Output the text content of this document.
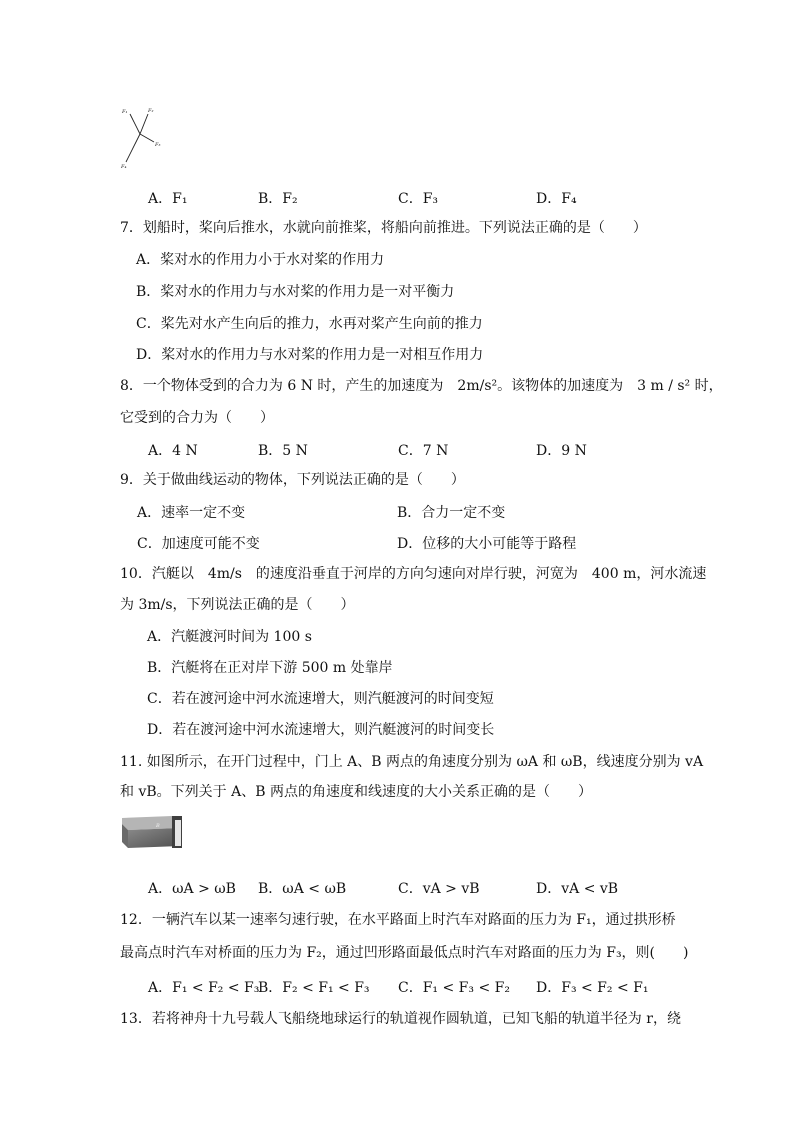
F₁	F₂
F₃
F₄
A．F₁	B．F₂	C．F₃	D．F₄
7．划船时，桨向后推水，水就向前推桨，将船向前推进。下列说法正确的是（　　）
A．桨对水的作用力小于水对桨的作用力
B．桨对水的作用力与水对桨的作用力是一对平衡力
C．桨先对水产生向后的推力，水再对桨产生向前的推力
D．桨对水的作用力与水对桨的作用力是一对相互作用力
8．一个物体受到的合力为 6 N 时，产生的加速度为　2m/s²。该物体的加速度为　3 m / s² 时，
它受到的合力为（　　）
A．4 N	B．5 N	C．7 N	D．9 N
9．关于做曲线运动的物体，下列说法正确的是（　　）
A．速率一定不变	B．合力一定不变
C．加速度可能不变	D．位移的大小可能等于路程
10．汽艇以　4m/s　的速度沿垂直于河岸的方向匀速向对岸行驶，河宽为　400 m，河水流速
为 3m/s，下列说法正确的是（　　）
A．汽艇渡河时间为 100 s
B．汽艇将在正对岸下游 500 m 处靠岸
C．若在渡河途中河水流速增大，则汽艇渡河的时间变短
D．若在渡河途中河水流速增大，则汽艇渡河的时间变长
11. 如图所示，在开门过程中，门上 A、B 两点的角速度分别为 ωA 和 ωB，线速度分别为 vA
和 vB。下列关于 A、B 两点的角速度和线速度的大小关系正确的是（　　）
B
A．ωA > ωB B．ωA < ωB	C．vA > vB	D．vA < vB
12．一辆汽车以某一速率匀速行驶，在水平路面上时汽车对路面的压力为 F₁，通过拱形桥
最高点时汽车对桥面的压力为 F₂，通过凹形路面最低点时汽车对路面的压力为 F₃，则(　　)
A．F₁ < F₂ < F₃
B．F₂ < F₁ < F₃ C．F₁ < F₃ < F₂ D．F₃ < F₂ < F₁
13．若将神舟十九号载人飞船绕地球运行的轨道视作圆轨道，已知飞船的轨道半径为 r，绕
